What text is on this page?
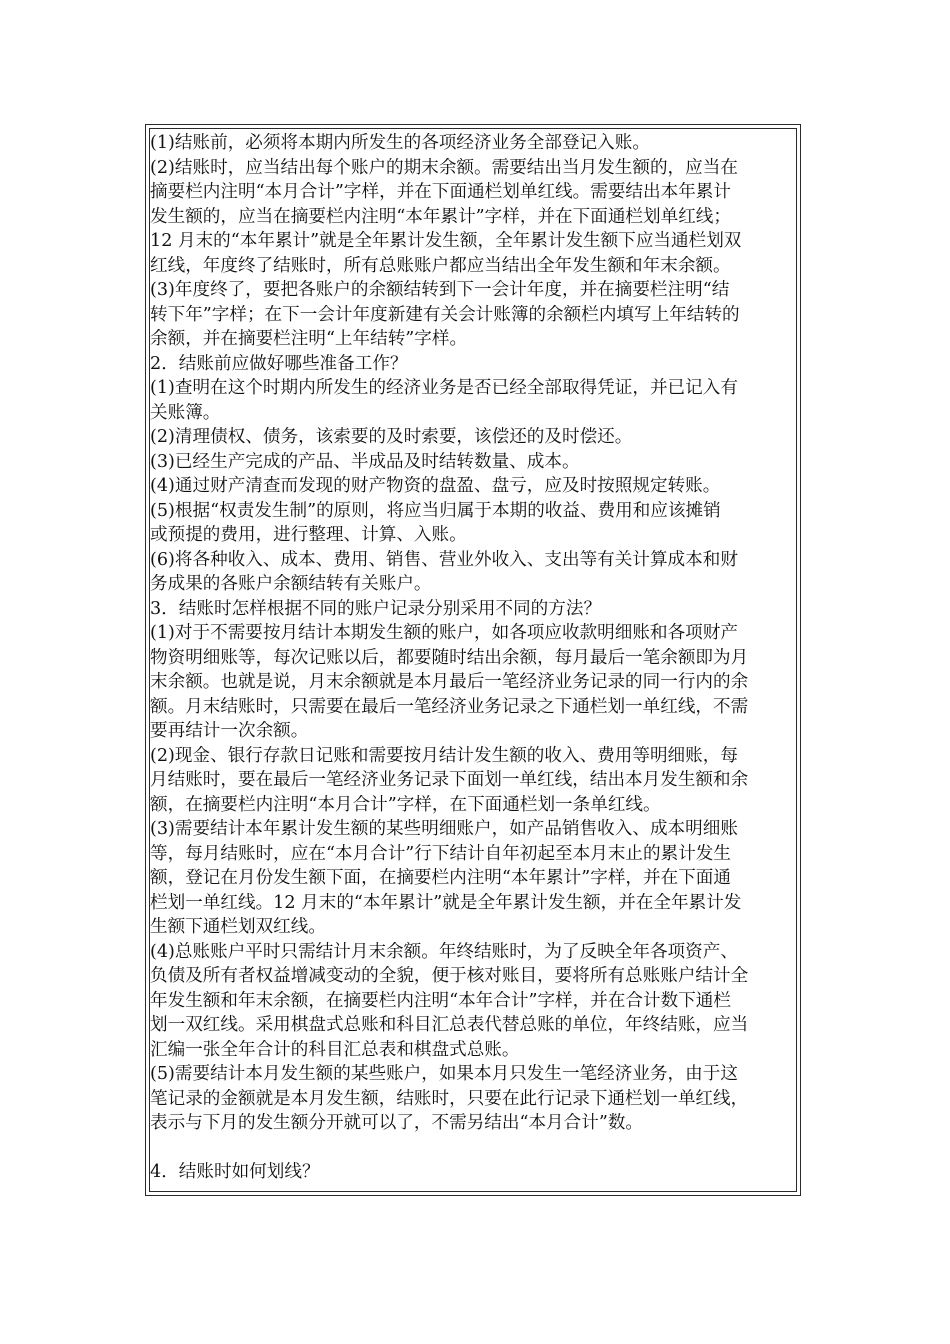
(1)结账前，必须将本期内所发生的各项经济业务全部登记入账。
(2)结账时，应当结出每个账户的期末余额。需要结出当月发生额的，应当在
摘要栏内注明“本月合计”字样，并在下面通栏划单红线。需要结出本年累计
发生额的，应当在摘要栏内注明“本年累计”字样，并在下面通栏划单红线；
12 月末的“本年累计”就是全年累计发生额，全年累计发生额下应当通栏划双
红线，年度终了结账时，所有总账账户都应当结出全年发生额和年末余额。
(3)年度终了，要把各账户的余额结转到下一会计年度，并在摘要栏注明“结
转下年”字样；在下一会计年度新建有关会计账簿的余额栏内填写上年结转的
余额，并在摘要栏注明“上年结转”字样。
2．结账前应做好哪些准备工作？
(1)查明在这个时期内所发生的经济业务是否已经全部取得凭证，并已记入有
关账簿。
(2)清理债权、债务，该索要的及时索要，该偿还的及时偿还。
(3)已经生产完成的产品、半成品及时结转数量、成本。
(4)通过财产清查而发现的财产物资的盘盈、盘亏，应及时按照规定转账。
(5)根据“权责发生制”的原则，将应当归属于本期的收益、费用和应该摊销
或预提的费用，进行整理、计算、入账。
(6)将各种收入、成本、费用、销售、营业外收入、支出等有关计算成本和财
务成果的各账户余额结转有关账户。
3．结账时怎样根据不同的账户记录分别采用不同的方法？
(1)对于不需要按月结计本期发生额的账户，如各项应收款明细账和各项财产
物资明细账等，每次记账以后，都要随时结出余额，每月最后一笔余额即为月
末余额。也就是说，月末余额就是本月最后一笔经济业务记录的同一行内的余
额。月末结账时，只需要在最后一笔经济业务记录之下通栏划一单红线，不需
要再结计一次余额。
(2)现金、银行存款日记账和需要按月结计发生额的收入、费用等明细账，每
月结账时，要在最后一笔经济业务记录下面划一单红线，结出本月发生额和余
额，在摘要栏内注明“本月合计”字样，在下面通栏划一条单红线。
(3)需要结计本年累计发生额的某些明细账户，如产品销售收入、成本明细账
等，每月结账时，应在“本月合计”行下结计自年初起至本月末止的累计发生
额，登记在月份发生额下面，在摘要栏内注明“本年累计”字样，并在下面通
栏划一单红线。12 月末的“本年累计”就是全年累计发生额，并在全年累计发
生额下通栏划双红线。
(4)总账账户平时只需结计月末余额。年终结账时，为了反映全年各项资产、
负债及所有者权益增减变动的全貌，便于核对账目，要将所有总账账户结计全
年发生额和年末余额，在摘要栏内注明“本年合计”字样，并在合计数下通栏
划一双红线。采用棋盘式总账和科目汇总表代替总账的单位，年终结账，应当
汇编一张全年合计的科目汇总表和棋盘式总账。
(5)需要结计本月发生额的某些账户，如果本月只发生一笔经济业务，由于这
笔记录的金额就是本月发生额，结账时，只要在此行记录下通栏划一单红线，
表示与下月的发生额分开就可以了，不需另结出“本月合计”数。
4．结账时如何划线？
